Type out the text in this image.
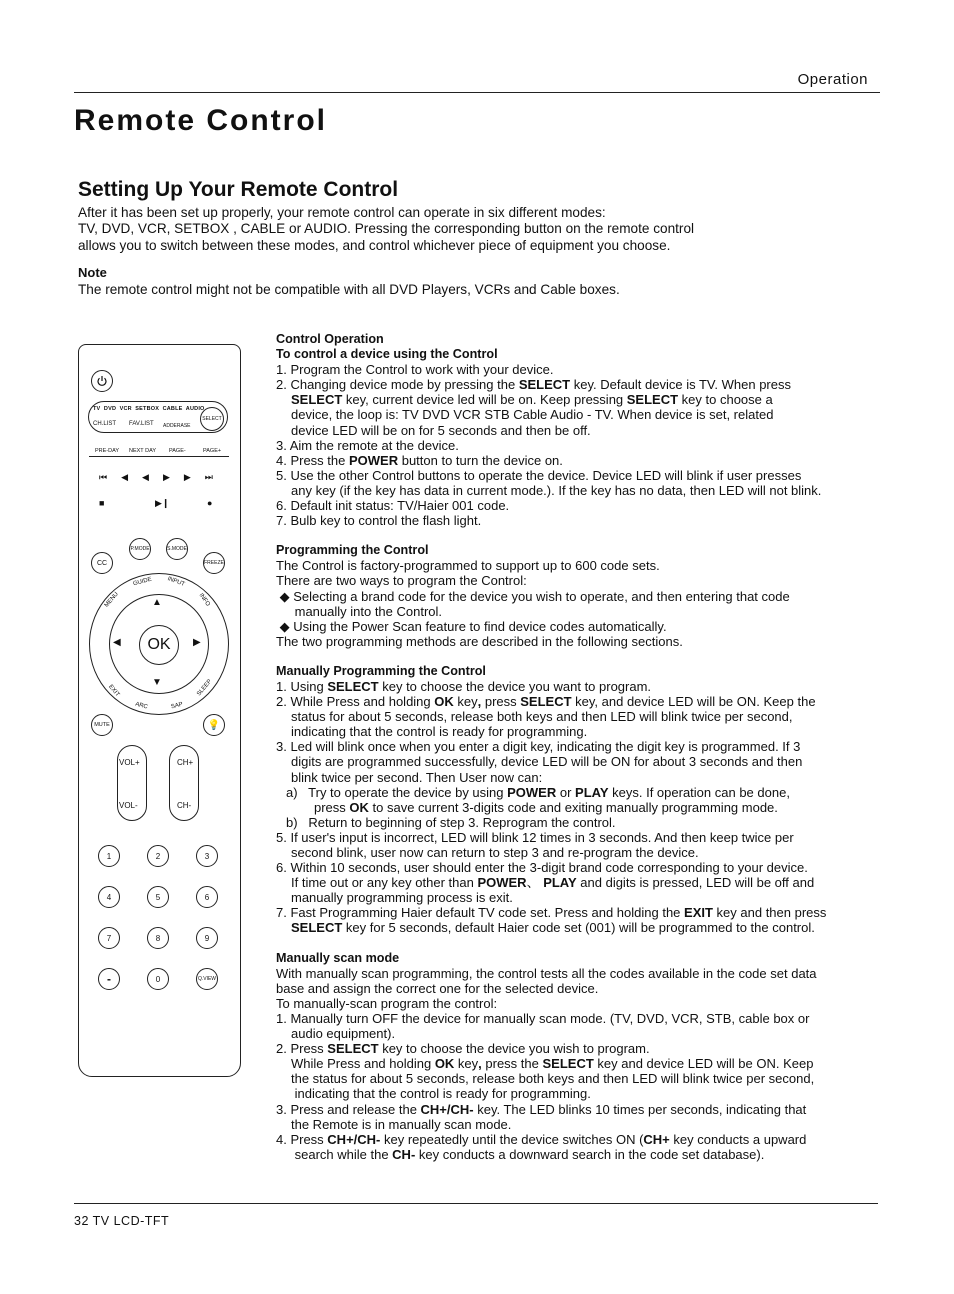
Operation
Remote Control
Setting Up Your Remote Control
After it has been set up properly, your remote control can operate in six different modes:
TV, DVD, VCR, SETBOX , CABLE or AUDIO. Pressing the corresponding button on the remote control
allows you to switch between these modes, and control whichever piece of equipment you choose.
Note
The remote control might not be compatible with all DVD Players, VCRs and Cable boxes.
TV DVD VCR SETBOX CABLE AUDIO
SELECT
CH.LIST FAV.LIST ADDERASE
PRE-DAY NEXT DAY PAGE-	PAGE+
⏮◀◀▶▶⏭
■	▶❙	●
P.MODE	S.MODE
CC	FREEZE
OK
▲
▼
◀	▶
GUIDE INPUT
MENU	INFO
EXIT
ARC	SAP
SLEEP
MUTE	💡
VOL+
VOL-
CH+
CH-
1	2	3
4	5	6
7	8	9
-	0	Q.VIEW

Control Operation

To control a device using the Control

1. Program the Control to work with your device.

2. Changing device mode by pressing the SELECT key. Default device is TV. When press

SELECT key, current device led will be on. Keep pressing SELECT key to choose a

device, the loop is: TV DVD VCR STB Cable Audio - TV. When device is set, related

device LED will be on for 5 seconds and then be off.

3. Aim the remote at the device.

4. Press the POWER button to turn the device on.

5. Use the other Control buttons to operate the device. Device LED will blink if user presses

any key (if the key has data in current mode.). If the key has no data, then LED will not blink.

6. Default init status: TV/Haier 001 code.

7. Bulb key to control the flash light.

Programming the Control

The Control is factory-programmed to support up to 600 code sets.

There are two ways to program the Control:

◆ Selecting a brand code for the device you wish to operate, and then entering that code

manually into the Control.

◆ Using the Power Scan feature to find device codes automatically.

The two programming methods are described in the following sections.

Manually Programming the Control

1. Using SELECT key to choose the device you want to program.

2. While Press and holding OK key, press SELECT key, and device LED will be ON. Keep the

status for about 5 seconds, release both keys and then LED will blink twice per second,

indicating that the control is ready for programming.

3. Led will blink once when you enter a digit key, indicating the digit key is programmed. If 3

digits are programmed successfully, device LED will be ON for about 3 seconds and then

blink twice per second. Then User now can:

a)   Try to operate the device by using POWER or PLAY keys. If operation can be done,

press OK to save current 3-digits code and exiting manually programming mode.

b)   Return to beginning of step 3. Reprogram the control.

5. If user's input is incorrect, LED will blink 12 times in 3 seconds. And then keep twice per

second blink, user now can return to step 3 and re-program the device.

6. Within 10 seconds, user should enter the 3-digit brand code corresponding to your device.

If time out or any key other than POWER、 PLAY and digits is pressed, LED will be off and

manually programming process is exit.

7. Fast Programming Haier default TV code set. Press and holding the EXIT key and then press

SELECT key for 5 seconds, default Haier code set (001) will be programmed to the control.

Manually scan mode

With manually scan programming, the control tests all the codes available in the code set data

base and assign the correct one for the selected device.

To manually-scan program the control:

1. Manually turn OFF the device for manually scan mode. (TV, DVD, VCR, STB, cable box or

audio equipment).

2. Press SELECT key to choose the device you wish to program.

While Press and holding OK key, press the SELECT key and device LED will be ON. Keep

the status for about 5 seconds, release both keys and then LED will blink twice per second,

indicating that the control is ready for programming.

3. Press and release the CH+/CH- key. The LED blinks 10 times per seconds, indicating that

the Remote is in manually scan mode.

4. Press CH+/CH- key repeatedly until the device switches ON (CH+ key conducts a upward

search while the CH- key conducts a downward search in the code set database).

32 TV LCD-TFT
